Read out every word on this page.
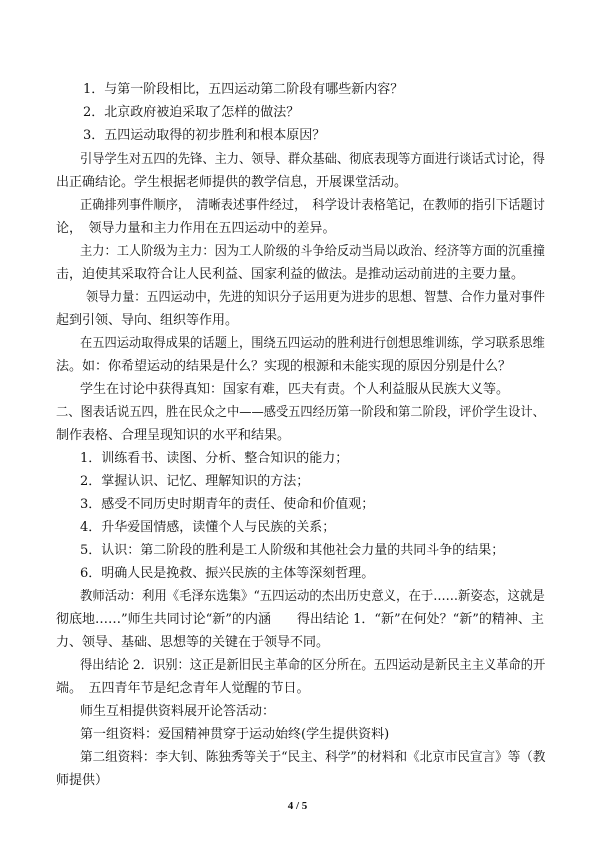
1．与第一阶段相比，五四运动第二阶段有哪些新内容？
2．北京政府被迫采取了怎样的做法？
3．五四运动取得的初步胜利和根本原因？
引导学生对五四的先锋、主力、领导、群众基础、彻底表现等方面进行谈话式讨论，得
出正确结论。学生根据老师提供的教学信息，开展课堂活动。
正确排列事件顺序，　清晰表述事件经过，　科学设计表格笔记，在教师的指引下话题讨
论，　领导力量和主力作用在五四运动中的差异。
主力：工人阶级为主力：因为工人阶级的斗争给反动当局以政治、经济等方面的沉重撞
击，迫使其采取符合让人民利益、国家利益的做法。是推动运动前进的主要力量。
领导力量：五四运动中，先进的知识分子运用更为进步的思想、智慧、合作力量对事件
起到引领、导向、组织等作用。
在五四运动取得成果的话题上，围绕五四运动的胜利进行创想思维训练，学习联系思维
法。如：你希望运动的结果是什么？实现的根源和未能实现的原因分别是什么？
学生在讨论中获得真知：国家有难，匹夫有责。个人利益服从民族大义等。
二、图表话说五四，胜在民众之中——感受五四经历第一阶段和第二阶段，评价学生设计、
制作表格、合理呈现知识的水平和结果。
1．训练看书、读图、分析、整合知识的能力；
2．掌握认识、记忆、理解知识的方法；
3．感受不同历史时期青年的责任、使命和价值观；
4．升华爱国情感，读懂个人与民族的关系；
5．认识：第二阶段的胜利是工人阶级和其他社会力量的共同斗争的结果；
6．明确人民是挽救、振兴民族的主体等深刻哲理。
教师活动：利用《毛泽东选集》“五四运动的杰出历史意义，在于……新姿态，这就是
彻底地……”师生共同讨论“新”的内涵　　得出结论 1．“新”在何处？“新”的精神、主
力、领导、基础、思想等的关键在于领导不同。
得出结论 2．识别：这正是新旧民主革命的区分所在。五四运动是新民主主义革命的开
端。　五四青年节是纪念青年人觉醒的节日。
师生互相提供资料展开论答活动：
第一组资料：爱国精神贯穿于运动始终(学生提供资料)
第二组资料：李大钊、陈独秀等关于“民主、科学”的材料和《北京市民宣言》等（教
师提供）
4 / 5
